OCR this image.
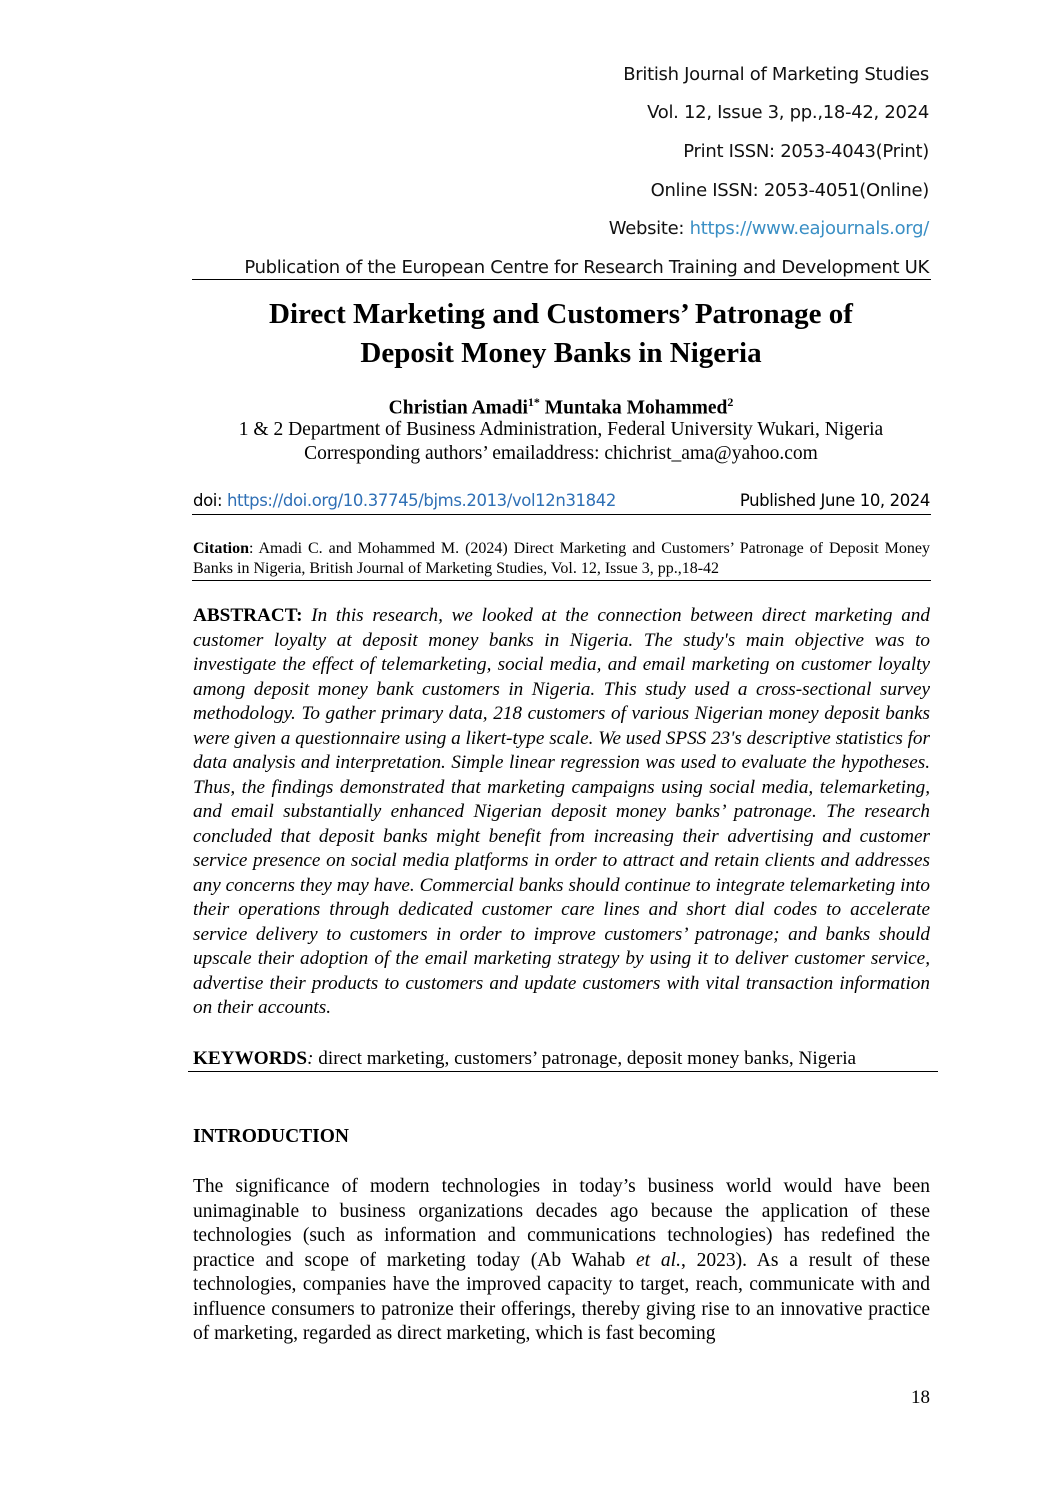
British Journal of Marketing Studies
Vol. 12, Issue 3, pp.,18-42, 2024
Print ISSN: 2053-4043(Print)
Online ISSN: 2053-4051(Online)
Website: https://www.eajournals.org/
Publication of the European Centre for Research Training and Development UK
Direct Marketing and Customers’ Patronage of
Deposit Money Banks in Nigeria
Christian Amadi$^{1*}$ Muntaka Mohammed$^2$
1 & 2 Department of Business Administration, Federal University Wukari, Nigeria
Corresponding authors’ emailaddress: chichrist_ama@yahoo.com
doi: https://doi.org/10.37745/bjms.2013/vol12n31842	Published June 10, 2024
Citation: Amadi C. and Mohammed M. (2024) Direct Marketing and Customers’ Patronage of Deposit Money Banks in Nigeria, British Journal of Marketing Studies, Vol. 12, Issue 3, pp.,18-42
ABSTRACT: In this research, we looked at the connection between direct marketing and customer loyalty at deposit money banks in Nigeria. The study's main objective was to investigate the effect of telemarketing, social media, and email marketing on customer loyalty among deposit money bank customers in Nigeria. This study used a cross-sectional survey methodology. To gather primary data, 218 customers of various Nigerian money deposit banks were given a questionnaire using a likert-type scale. We used SPSS 23's descriptive statistics for data analysis and interpretation. Simple linear regression was used to evaluate the hypotheses. Thus, the findings demonstrated that marketing campaigns using social media, telemarketing, and email substantially enhanced Nigerian deposit money banks’ patronage. The research concluded that deposit banks might benefit from increasing their advertising and customer service presence on social media platforms in order to attract and retain clients and addresses any concerns they may have. Commercial banks should continue to integrate telemarketing into their operations through dedicated customer care lines and short dial codes to accelerate service delivery to customers in order to improve customers’ patronage; and banks should upscale their adoption of the email marketing strategy by using it to deliver customer service, advertise their products to customers and update customers with vital transaction information on their accounts.
KEYWORDS: direct marketing, customers’ patronage, deposit money banks, Nigeria
INTRODUCTION
The significance of modern technologies in today’s business world would have been unimaginable to business organizations decades ago because the application of these technologies (such as information and communications technologies) has redefined the practice and scope of marketing today (Ab Wahab et al., 2023). As a result of these technologies, companies have the improved capacity to target, reach, communicate with and influence consumers to patronize their offerings, thereby giving rise to an innovative practice of marketing, regarded as direct marketing, which is fast becoming
18
